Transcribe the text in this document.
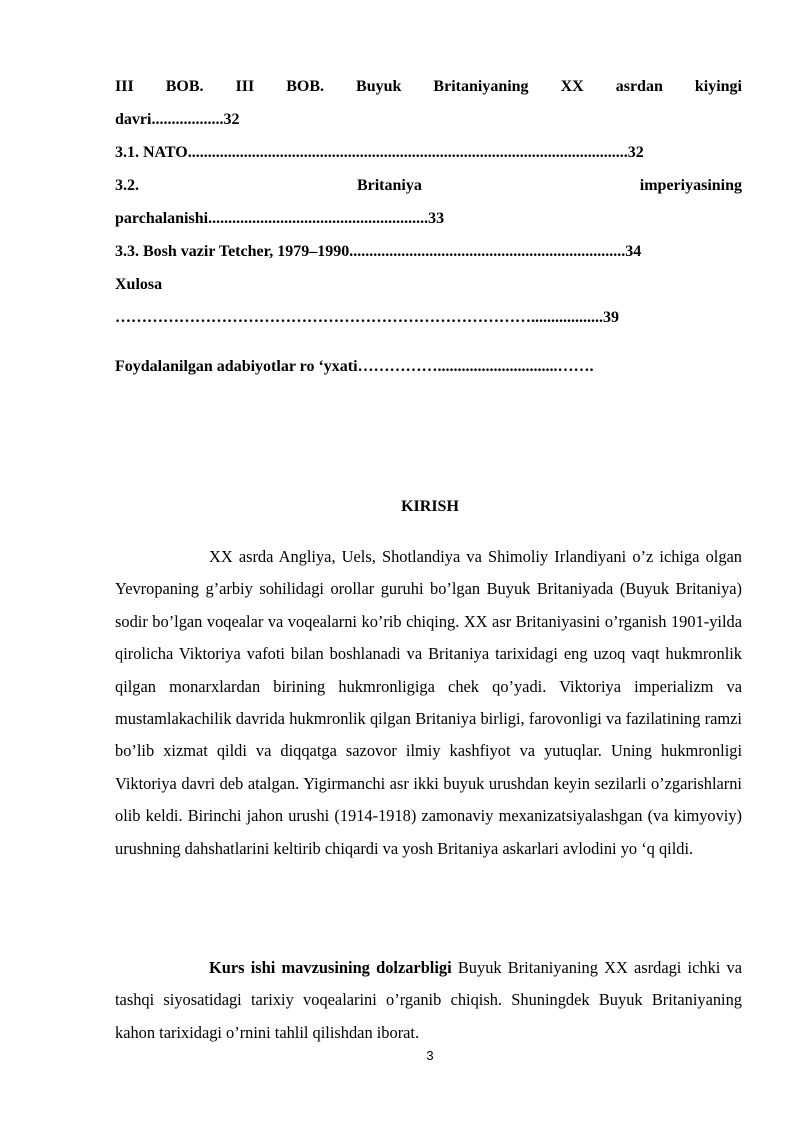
III BOB. III BOB. Buyuk Britaniyaning XX asrdan kiyingi
davri..................32
3.1. NATO..............................................................................................................32
3.2. Britaniya imperiyasining
parchalanishi.......................................................33
3.3. Bosh vazir Tetcher, 1979–1990.....................................................................34
Xulosa
……………………………………………………………………..................39
Foydalanilgan adabiyotlar ro ‘yxati……………..............................…….
KIRISH

XX asrda Angliya, Uels, Shotlandiya va Shimoliy Irlandiyani o’z ichiga olgan Yevropaning g’arbiy sohilidagi orollar guruhi bo’lgan Buyuk Britaniyada (Buyuk Britaniya) sodir bo’lgan voqealar va voqealarni ko’rib chiqing. XX asr Britaniyasini o’rganish 1901-yilda qirolicha Viktoriya vafoti bilan boshlanadi va Britaniya tarixidagi eng uzoq vaqt hukmronlik qilgan monarxlardan birining hukmronligiga chek qo’yadi. Viktoriya imperializm va mustamlakachilik davrida hukmronlik qilgan Britaniya birligi, farovonligi va fazilatining ramzi bo’lib xizmat qildi va diqqatga sazovor ilmiy kashfiyot va yutuqlar. Uning hukmronligi Viktoriya davri deb atalgan. Yigirmanchi asr ikki buyuk urushdan keyin sezilarli o’zgarishlarni olib keldi. Birinchi jahon urushi (1914-1918) zamonaviy mexanizatsiyalashgan (va kimyoviy) urushning dahshatlarini keltirib chiqardi va yosh Britaniya askarlari avlodini yo ‘q qildi.

Kurs ishi mavzusining dolzarbligi Buyuk Britaniyaning XX asrdagi ichki va tashqi siyosatidagi tarixiy voqealarini o’rganib chiqish. Shuningdek Buyuk Britaniyaning kahon tarixidagi o’rnini tahlil qilishdan iborat.

3
